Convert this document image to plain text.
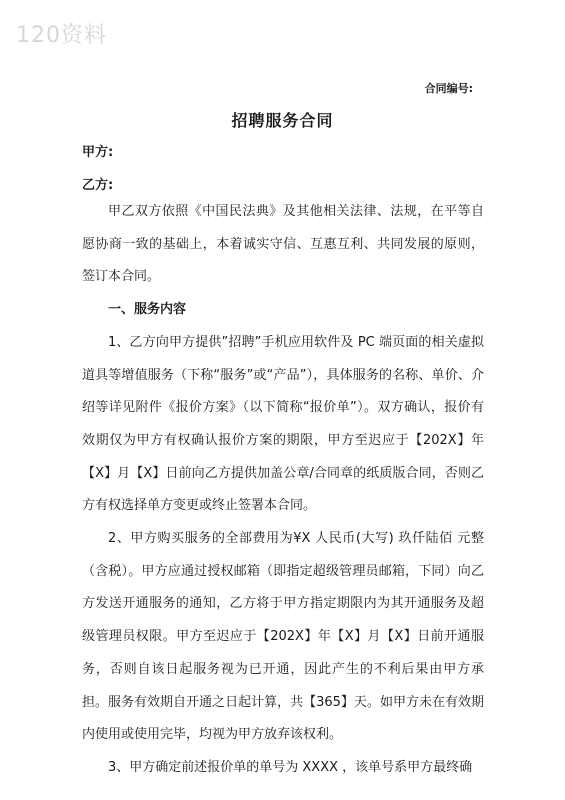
120资料
合同编号:
招聘服务合同
甲方:
乙方:

甲乙双方依照《中国民法典》及其他相关法律、法规，在平等自愿协商一致的基础上，本着诚实守信、互惠互利、共同发展的原则，签订本合同。

一、服务内容

1、乙方向甲方提供”招聘”手机应用软件及 PC 端页面的相关虚拟道具等增值服务（下称“服务”或“产品”），具体服务的名称、单价、介绍等详见附件《报价方案》（以下简称“报价单”）。双方确认，报价有效期仅为甲方有权确认报价方案的期限，甲方至迟应于【202X】年【X】月【X】日前向乙方提供加盖公章/合同章的纸质版合同，否则乙方有权选择单方变更或终止签署本合同。

2、甲方购买服务的全部费用为¥X 人民币(大写) 玖仟陆佰 元整（含税）。甲方应通过授权邮箱（即指定超级管理员邮箱，下同）向乙方发送开通服务的通知，乙方将于甲方指定期限内为其开通服务及超级管理员权限。甲方至迟应于【202X】年【X】月【X】日前开通服务，否则自该日起服务视为已开通，因此产生的不利后果由甲方承担。服务有效期自开通之日起计算，共【365】天。如甲方未在有效期内使用或使用完毕，均视为甲方放弃该权利。

3、甲方确定前述报价单的单号为 XXXX ，该单号系甲方最终确
